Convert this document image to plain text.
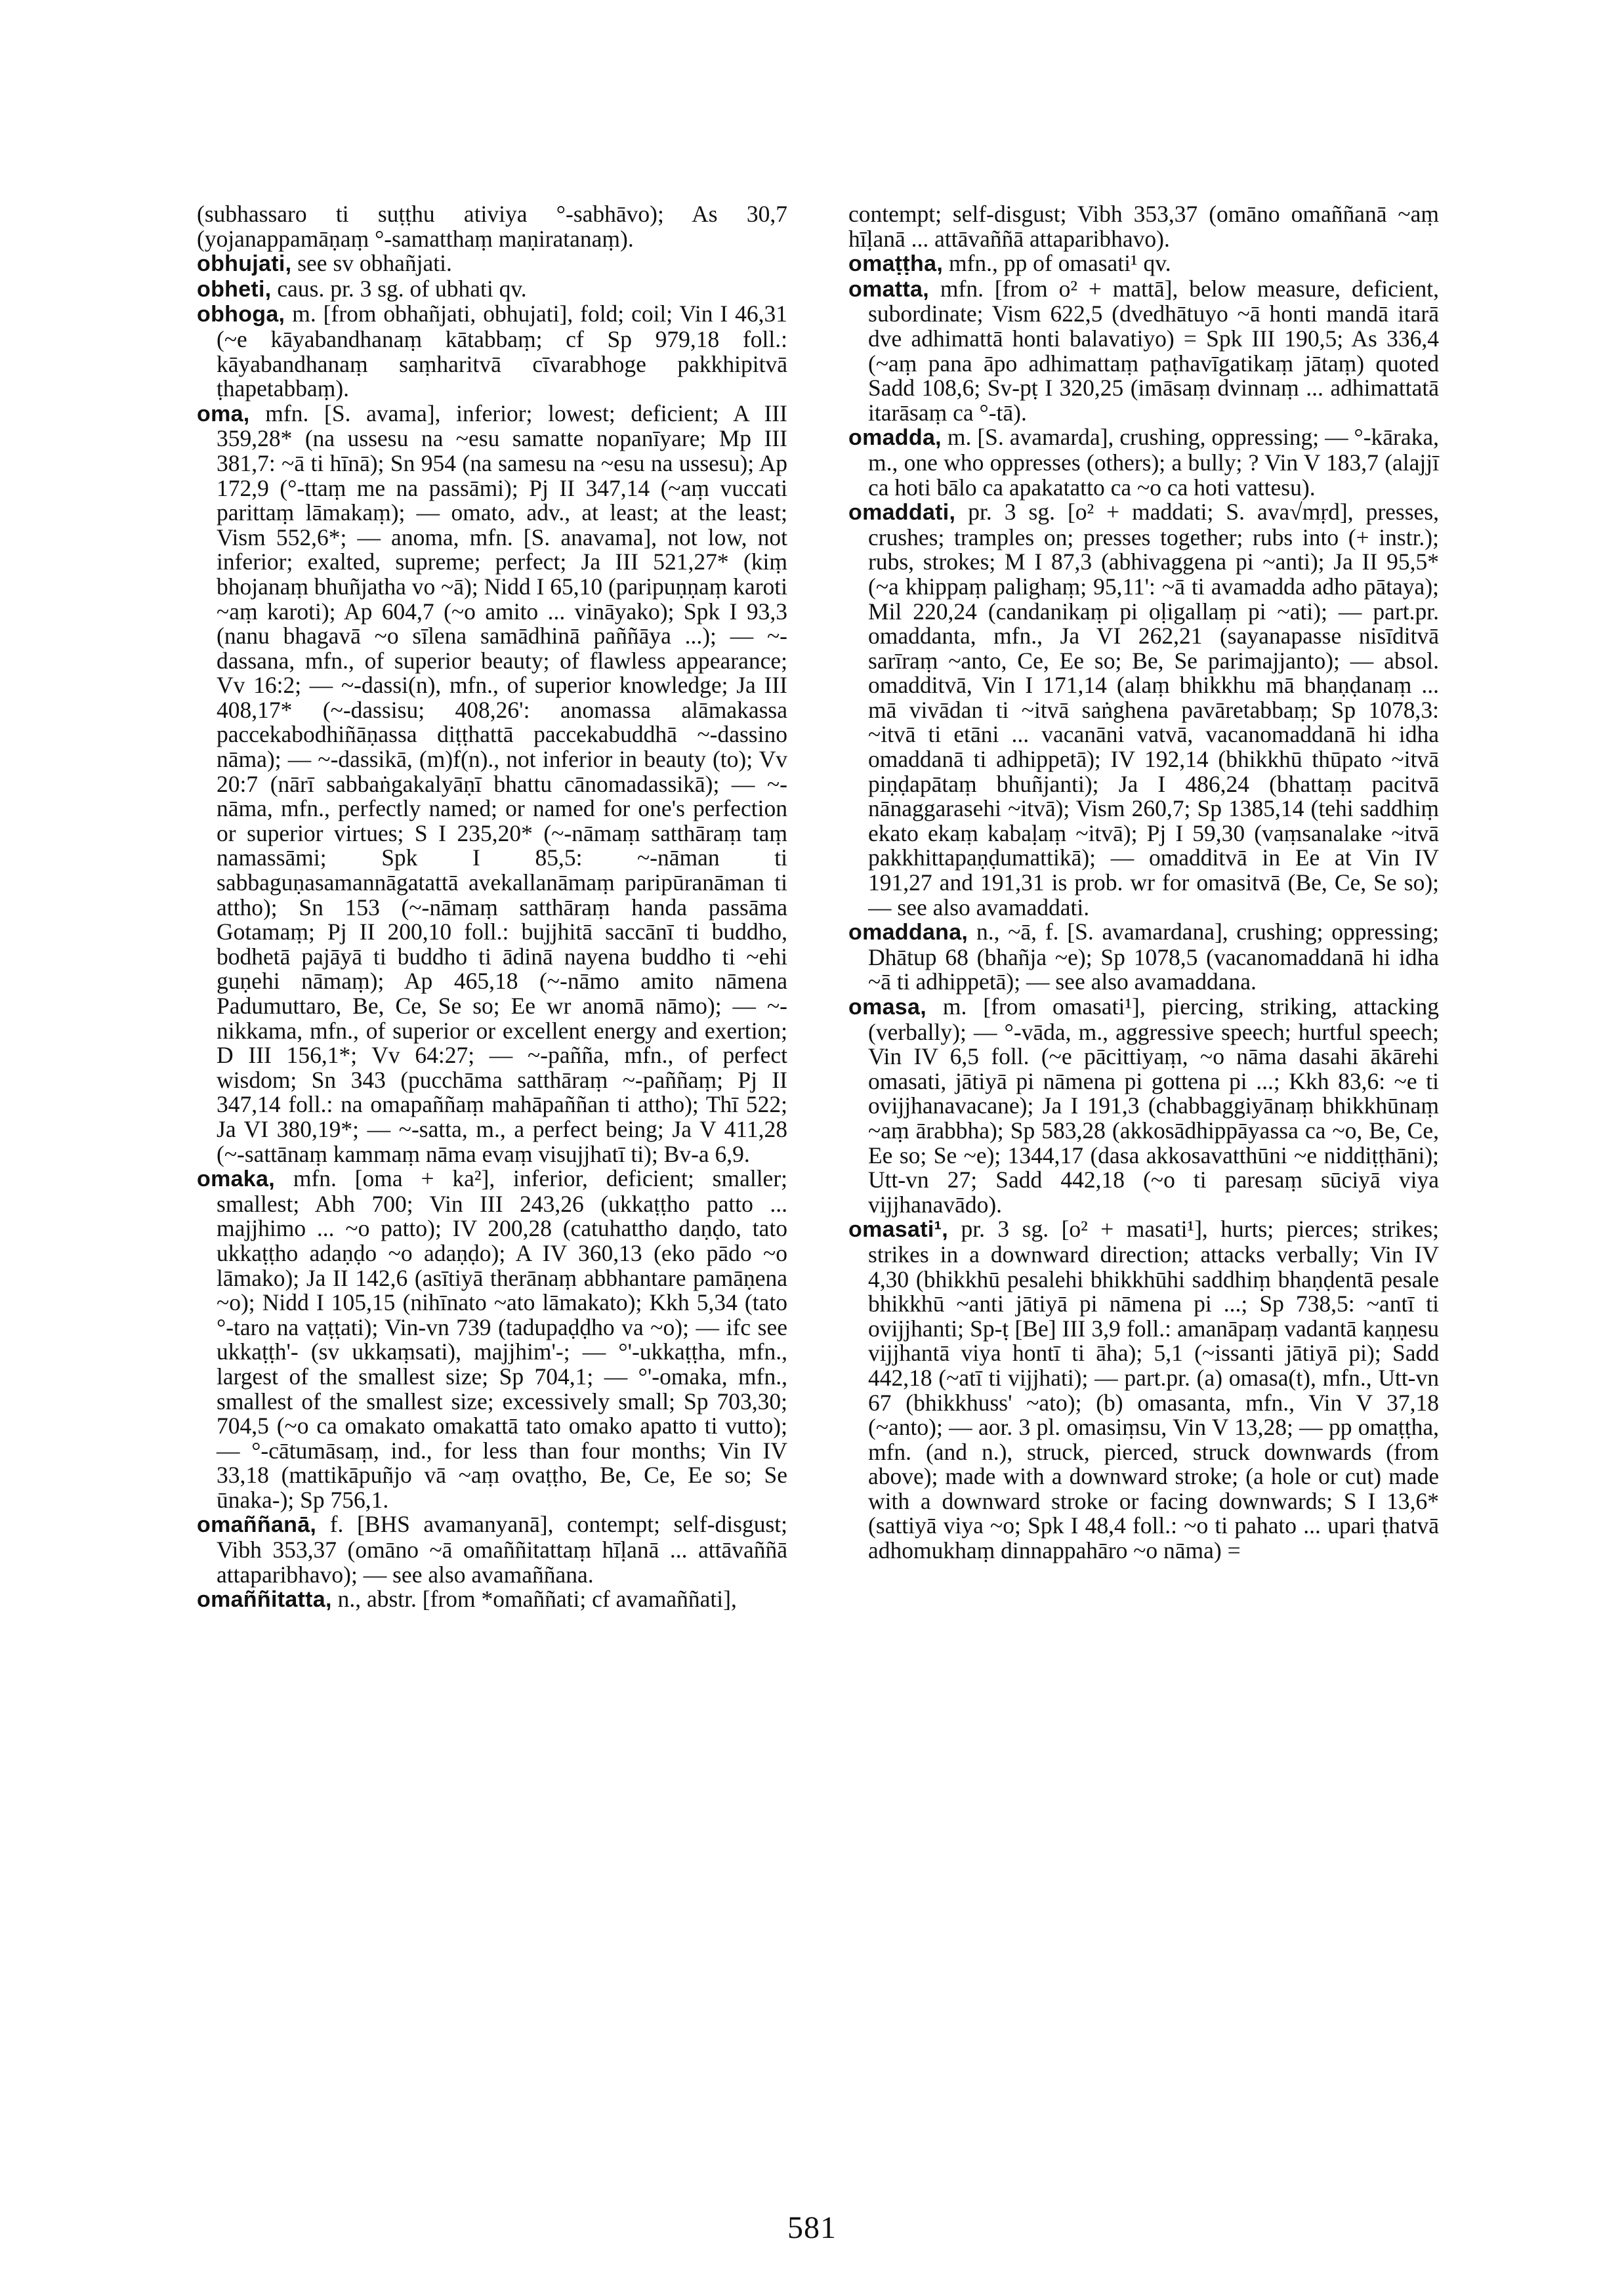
(subhassaro ti suṭṭhu ativiya °-sabhāvo); As 30,7 (yojanappamāṇaṃ °-samatthaṃ maṇiratanaṃ).

obhujati, see sv obhañjati.

obheti, caus. pr. 3 sg. of ubhati qv.

obhoga, m. [from obhañjati, obhujati], fold; coil; Vin I 46,31 (~e kāyabandhanaṃ kātabbaṃ; cf Sp 979,18 foll.: kāyabandhanaṃ saṃharitvā cīvarabhoge pakkhipitvā ṭhapetabbaṃ).

oma, mfn. [S. avama], inferior; lowest; deficient; A III 359,28* (na ussesu na ~esu samatte nopanīyare; Mp III 381,7: ~ā ti hīnā); Sn 954 (na samesu na ~esu na ussesu); Ap 172,9 (°-ttaṃ me na passāmi); Pj II 347,14 (~aṃ vuccati parittaṃ lāmakaṃ); — omato, adv., at least; at the least; Vism 552,6*; — anoma, mfn. [S. anavama], not low, not inferior; exalted, supreme; perfect; Ja III 521,27* (kiṃ bhojanaṃ bhuñjatha vo ~ā); Nidd I 65,10 (paripuṇṇaṃ karoti ~aṃ karoti); Ap 604,7 (~o amito ... vināyako); Spk I 93,3 (nanu bhagavā ~o sīlena samādhinā paññāya ...); — ~-dassana, mfn., of superior beauty; of flawless appearance; Vv 16:2; — ~-dassi(n), mfn., of superior knowledge; Ja III 408,17* (~-dassisu; 408,26': anomassa alāmakassa paccekabodhiñāṇassa diṭṭhattā paccekabuddhā ~-dassino nāma); — ~-dassikā, (m)f(n)., not inferior in beauty (to); Vv 20:7 (nārī sabbaṅgakalyāṇī bhattu cānomadassikā); — ~-nāma, mfn., perfectly named; or named for one's perfection or superior virtues; S I 235,20* (~-nāmaṃ satthāraṃ taṃ namassāmi; Spk I 85,5: ~-nāman ti sabbaguṇasamannāgatattā avekallanāmaṃ paripūranāman ti attho); Sn 153 (~-nāmaṃ satthāraṃ handa passāma Gotamaṃ; Pj II 200,10 foll.: bujjhitā saccānī ti buddho, bodhetā pajāyā ti buddho ti ādinā nayena buddho ti ~ehi guṇehi nāmaṃ); Ap 465,18 (~-nāmo amito nāmena Padumuttaro, Be, Ce, Se so; Ee wr anomā nāmo); — ~-nikkama, mfn., of superior or excellent energy and exertion; D III 156,1*; Vv 64:27; — ~-pañña, mfn., of perfect wisdom; Sn 343 (pucchāma satthāraṃ ~-paññaṃ; Pj II 347,14 foll.: na omapaññaṃ mahāpaññan ti attho); Thī 522; Ja VI 380,19*; — ~-satta, m., a perfect being; Ja V 411,28 (~-sattānaṃ kammaṃ nāma evaṃ visujjhatī ti); Bv-a 6,9.

omaka, mfn. [oma + ka²], inferior, deficient; smaller; smallest; Abh 700; Vin III 243,26 (ukkaṭṭho patto ... majjhimo ... ~o patto); IV 200,28 (catuhattho daṇḍo, tato ukkaṭṭho adaṇḍo ~o adaṇḍo); A IV 360,13 (eko pādo ~o lāmako); Ja II 142,6 (asītiyā therānaṃ abbhantare pamāṇena ~o); Nidd I 105,15 (nihīnato ~ato lāmakato); Kkh 5,34 (tato °-taro na vaṭṭati); Vin-vn 739 (tadupaḍḍho va ~o); — ifc see ukkaṭṭh'- (sv ukkaṃsati), majjhim'-; — °'-ukkaṭṭha, mfn., largest of the smallest size; Sp 704,1; — °'-omaka, mfn., smallest of the smallest size; excessively small; Sp 703,30; 704,5 (~o ca omakato omakattā tato omako apatto ti vutto); — °-cātumāsaṃ, ind., for less than four months; Vin IV 33,18 (mattikāpuñjo vā ~aṃ ovaṭṭho, Be, Ce, Ee so; Se ūnaka-); Sp 756,1.

omaññanā, f. [BHS avamanyanā], contempt; self-disgust; Vibh 353,37 (omāno ~ā omaññitattaṃ hīḷanā ... attāvaññā attaparibhavo); — see also avamaññana.

omaññitatta, n., abstr. [from *omaññati; cf avamaññati],

contempt; self-disgust; Vibh 353,37 (omāno omaññanā ~aṃ hīḷanā ... attāvaññā attaparibhavo).

omaṭṭha, mfn., pp of omasati¹ qv.

omatta, mfn. [from o² + mattā], below measure, deficient, subordinate; Vism 622,5 (dvedhātuyo ~ā honti mandā itarā dve adhimattā honti balavatiyo) = Spk III 190,5; As 336,4 (~aṃ pana āpo adhimattaṃ paṭhavīgatikaṃ jātaṃ) quoted Sadd 108,6; Sv-pṭ I 320,25 (imāsaṃ dvinnaṃ ... adhimattatā itarāsaṃ ca °-tā).

omadda, m. [S. avamarda], crushing, oppressing; — °-kāraka, m., one who oppresses (others); a bully; ? Vin V 183,7 (alajjī ca hoti bālo ca apakatatto ca ~o ca hoti vattesu).

omaddati, pr. 3 sg. [o² + maddati; S. ava√mṛd], presses, crushes; tramples on; presses together; rubs into (+ instr.); rubs, strokes; M I 87,3 (abhivaggena pi ~anti); Ja II 95,5* (~a khippaṃ palighaṃ; 95,11': ~ā ti avamadda adho pātaya); Mil 220,24 (candanikaṃ pi oḷigallaṃ pi ~ati); — part.pr. omaddanta, mfn., Ja VI 262,21 (sayanapasse nisīditvā sarīraṃ ~anto, Ce, Ee so; Be, Se parimajjanto); — absol. omadditvā, Vin I 171,14 (alaṃ bhikkhu mā bhaṇḍanaṃ ... mā vivādan ti ~itvā saṅghena pavāretabbaṃ; Sp 1078,3: ~itvā ti etāni ... vacanāni vatvā, vacanomaddanā hi idha omaddanā ti adhippetā); IV 192,14 (bhikkhū thūpato ~itvā piṇḍapātaṃ bhuñjanti); Ja I 486,24 (bhattaṃ pacitvā nānaggarasehi ~itvā); Vism 260,7; Sp 1385,14 (tehi saddhiṃ ekato ekaṃ kabaḷaṃ ~itvā); Pj I 59,30 (vaṃsanalake ~itvā pakkhittapaṇḍumattikā); — omadditvā in Ee at Vin IV 191,27 and 191,31 is prob. wr for omasitvā (Be, Ce, Se so); — see also avamaddati.

omaddana, n., ~ā, f. [S. avamardana], crushing; oppressing; Dhātup 68 (bhañja ~e); Sp 1078,5 (vacanomaddanā hi idha ~ā ti adhippetā); — see also avamaddana.

omasa, m. [from omasati¹], piercing, striking, attacking (verbally); — °-vāda, m., aggressive speech; hurtful speech; Vin IV 6,5 foll. (~e pācittiyaṃ, ~o nāma dasahi ākārehi omasati, jātiyā pi nāmena pi gottena pi ...; Kkh 83,6: ~e ti ovijjhanavacane); Ja I 191,3 (chabbaggiyānaṃ bhikkhūnaṃ ~aṃ ārabbha); Sp 583,28 (akkosādhippāyassa ca ~o, Be, Ce, Ee so; Se ~e); 1344,17 (dasa akkosavatthūni ~e niddiṭṭhāni); Utt-vn 27; Sadd 442,18 (~o ti paresaṃ sūciyā viya vijjhanavādo).

omasati¹, pr. 3 sg. [o² + masati¹], hurts; pierces; strikes; strikes in a downward direction; attacks verbally; Vin IV 4,30 (bhikkhū pesalehi bhikkhūhi saddhiṃ bhaṇḍentā pesale bhikkhū ~anti jātiyā pi nāmena pi ...; Sp 738,5: ~antī ti ovijjhanti; Sp-ṭ [Be] III 3,9 foll.: amanāpaṃ vadantā kaṇṇesu vijjhantā viya hontī ti āha); 5,1 (~issanti jātiyā pi); Sadd 442,18 (~atī ti vijjhati); — part.pr. (a) omasa(t), mfn., Utt-vn 67 (bhikkhuss' ~ato); (b) omasanta, mfn., Vin V 37,18 (~anto); — aor. 3 pl. omasiṃsu, Vin V 13,28; — pp omaṭṭha, mfn. (and n.), struck, pierced, struck downwards (from above); made with a downward stroke; (a hole or cut) made with a downward stroke or facing downwards; S I 13,6* (sattiyā viya ~o; Spk I 48,4 foll.: ~o ti pahato ... upari ṭhatvā adhomukhaṃ dinnappahāro ~o nāma) =

581
